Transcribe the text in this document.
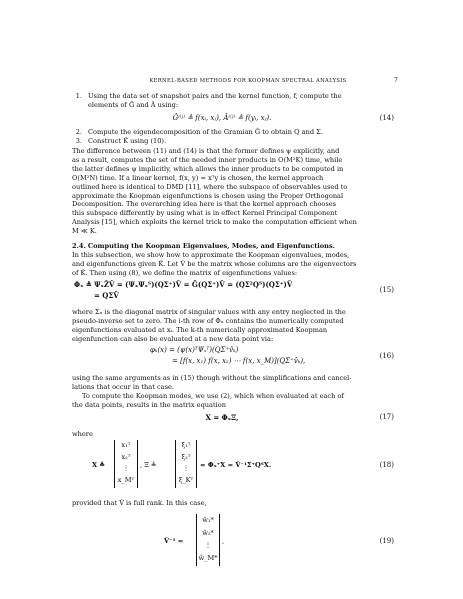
KERNEL-BASED METHODS FOR KOOPMAN SPECTRAL ANALYSIS	7
1. Using the data set of snapshot pairs and the kernel function, f, compute the
elements of Ĝ and Â using:
Ĝ⁽ⁱʲ⁾ ≜ f(xᵢ, xⱼ), Â⁽ⁱʲ⁾ ≜ f(yᵢ, xⱼ).	(14)
2. Compute the eigendecomposition of the Gramian Ĝ to obtain Q and Σ.
3. Construct K̂ using (10).
The difference between (11) and (14) is that the former defines ψ explicitly, and
as a result, computes the set of the needed inner products in O(M²K) time, while
the latter defines ψ implicitly, which allows the inner products to be computed in
O(M²N) time. If a linear kernel, f(x, y) = xᵀy is chosen, the kernel approach
outlined here is identical to DMD [11], where the subspace of observables used to
approximate the Koopman eigenfunctions is chosen using the Proper Orthogonal
Decomposition. The overarching idea here is that the kernel approach chooses
this subspace differently by using what is in effect Kernel Principal Component
Analysis [15], which exploits the kernel trick to make the computation efficient when
M ≪ K.
2.4. Computing the Koopman Eigenvalues, Modes, and Eigenfunctions.
In this subsection, we show how to approximate the Koopman eigenvalues, modes,
and eigenfunctions given K̂. Let V̂ be the matrix whose columns are the eigenvectors
of K̂. Then using (8), we define the matrix of eigenfunctions values:
Φₓ ≜ ΨₓẐV̂ = (ΨₓΨₓᵀ)(QΣ⁺)V̂ = Ĝ(QΣ⁺)V̂ = (QΣ²Qᵀ)(QΣ⁺)V̂
= QΣV̂
(15)
where Σₓ is the diagonal matrix of singular values with any entry neglected in the
pseudo-inverse set to zero. The i-th row of Φₓ contains the numerically computed
eigenfunctions evaluated at xᵢ. The k-th numerically approximated Koopman
eigenfunction can also be evaluated at a new data point via:
φₖ(x) = (ψ(x)ᵀΨₓᵀ)(QΣ⁺v̂ₖ)
= [f(x, x₁) f(x, x₂) ⋯ f(x, x_M)](QΣ⁺v̂ₖ),
(16)
using the same arguments as in (15) though without the simplifications and cancel-
lations that occur in that case.
To compute the Koopman modes, we use (2), which when evaluated at each of
the data points, results in the matrix equation
X = ΦₓΞ,	(17)
where
X ≜
x₁ᵀ
x₂ᵀ
⋮
x_Mᵀ
, Ξ ≜
ξ₁ᵀ
ξ₂ᵀ
⋮
ξ_Kᵀ
= Φₓ⁺X = V̂⁻¹Σ⁺QᵀX.	(18)
provided that V̂ is full rank. In this case,
V̂⁻¹ =
ŵ₁*
ŵ₂*
⋮
ŵ_M*
,	(19)
